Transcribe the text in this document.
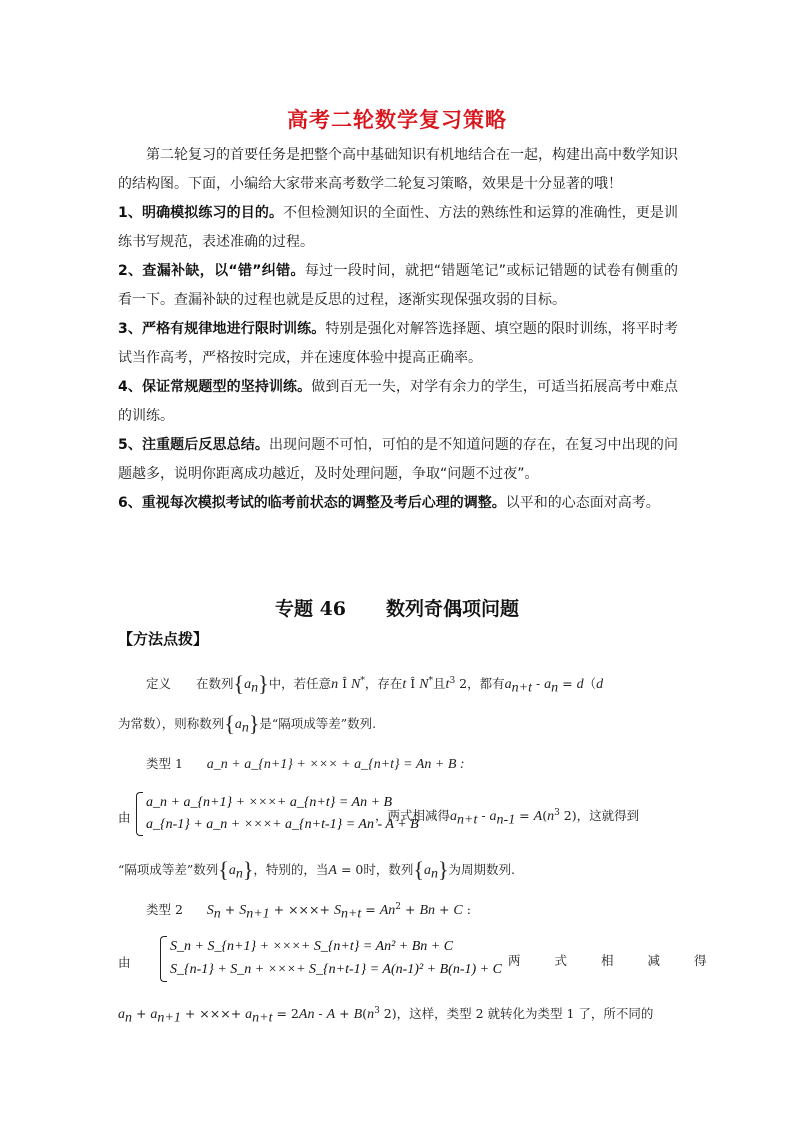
高考二轮数学复习策略
第二轮复习的首要任务是把整个高中基础知识有机地结合在一起，构建出高中数学知识的结构图。下面，小编给大家带来高考数学二轮复习策略，效果是十分显著的哦！
1、明确模拟练习的目的。不但检测知识的全面性、方法的熟练性和运算的准确性，更是训练书写规范，表述准确的过程。
2、查漏补缺，以“错”纠错。每过一段时间，就把“错题笔记”或标记错题的试卷有侧重的看一下。查漏补缺的过程也就是反思的过程，逐渐实现保强攻弱的目标。
3、严格有规律地进行限时训练。特别是强化对解答选择题、填空题的限时训练，将平时考试当作高考，严格按时完成，并在速度体验中提高正确率。
4、保证常规题型的坚持训练。做到百无一失，对学有余力的学生，可适当拓展高考中难点的训练。
5、注重题后反思总结。出现问题不可怕，可怕的是不知道问题的存在，在复习中出现的问题越多，说明你距离成功越近，及时处理问题，争取“问题不过夜”。
6、重视每次模拟考试的临考前状态的调整及考后心理的调整。以平和的心态面对高考。
专题 46 数列奇偶项问题
【方法点拨】
定义　　在数列$\{a_n\}$中，若任意n Î N*，存在t Î N*且$t^3$ 2，都有$a_{n+t} - a_n = d(d$
为常数），则称数列$\{a_n\}$是“隔项成等差”数列.
类型 1 a_n + a_{n+1} + ××× + a_{n+t} = An + B :
由
a_n + a_{n+1} + ×××+ a_{n+t} = An + B
a_{n-1} + a_n + ×××+ a_{n+t-1} = An - A + B
，两式相减得$a_{n+t} - a_{n-1} = A(n^3$ 2)，这就得到
“隔项成等差”数列$\{a_n\}$，特别的，当A = 0时，数列$\{a_n\}$为周期数列.
类型 2 $S_n + S_{n+1}$ + ×××+ $S_{n+t} = An^2 + Bn + C$ :
由
S_n + S_{n+1} + ×××+ S_{n+t} = An² + Bn + C
S_{n-1} + S_n + ×××+ S_{n+t-1} = A(n-1)² + B(n-1) + C
两式相减得
$a_n + a_{n+1}$ + ×××+ $a_{n+t} = 2An - A + B(n^3$ 2)，这样，类型 2 就转化为类型 1 了，所不同的
